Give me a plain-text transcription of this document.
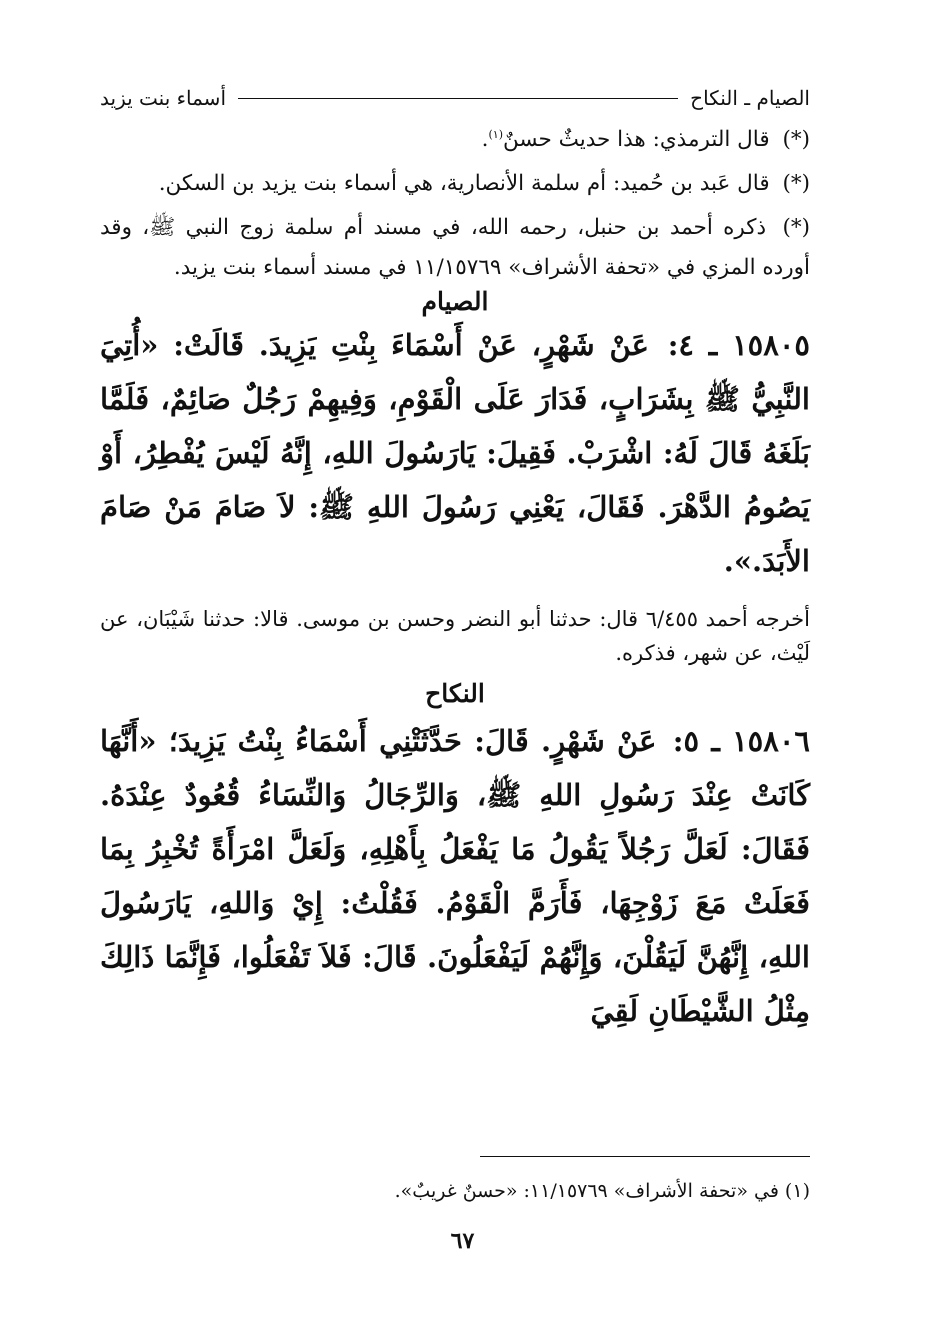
الصيام ـ النكاح
أسماء بنت يزيد

(*) قال الترمذي: هذا حديثٌ حسنٌ$^{(١)}$.

(*) قال عَبد بن حُميد: أم سلمة الأنصارية، هي أسماء بنت يزيد بن السكن.

(*) ذكره أحمد بن حنبل، رحمه الله، في مسند أم سلمة زوج النبي ﷺ، وقد أورده المزي في «تحفة الأشراف» ١١/١٥٧٦٩ في مسند أسماء بنت يزيد.

الصيام

١٥٨٠٥ ـ ٤: عَنْ شَهْرٍ، عَنْ أَسْمَاءَ بِنْتِ يَزِيدَ. قَالَتْ: «أُتِيَ النَّبِيُّ ﷺ بِشَرَابٍ، فَدَارَ عَلَى الْقَوْمِ، وَفِيهِمْ رَجُلٌ صَائِمٌ، فَلَمَّا بَلَغَهُ قَالَ لَهُ: اشْرَبْ. فَقِيلَ: يَارَسُولَ اللهِ، إِنَّهُ لَيْسَ يُفْطِرُ، أَوْ يَصُومُ الدَّهْرَ. فَقَالَ، يَعْنِي رَسُولَ اللهِ ﷺ: لاَ صَامَ مَنْ صَامَ الأَبَدَ.».

أخرجه أحمد ٦/٤٥٥ قال: حدثنا أبو النضر وحسن بن موسى. قالا: حدثنا شَيْبَان، عن لَيْث، عن شهر، فذكره.

النكاح

١٥٨٠٦ ـ ٥: عَنْ شَهْرٍ. قَالَ: حَدَّثَتْنِي أَسْمَاءُ بِنْتُ يَزِيدَ؛ «أَنَّهَا كَانَتْ عِنْدَ رَسُولِ اللهِ ﷺ، وَالرِّجَالُ وَالنِّسَاءُ قُعُودٌ عِنْدَهُ. فَقَالَ: لَعَلَّ رَجُلاً يَقُولُ مَا يَفْعَلُ بِأَهْلِهِ، وَلَعَلَّ امْرَأَةً تُخْبِرُ بِمَا فَعَلَتْ مَعَ زَوْجِهَا، فَأَرَمَّ الْقَوْمُ. فَقُلْتُ: إِيْ وَاللهِ، يَارَسُولَ اللهِ، إِنَّهُنَّ لَيَقُلْنَ، وَإِنَّهُمْ لَيَفْعَلُونَ. قَالَ: فَلاَ تَفْعَلُوا، فَإِنَّمَا ذَالِكَ مِثْلُ الشَّيْطَانِ لَقِيَ

(١) في «تحفة الأشراف» ١١/١٥٧٦٩: «حسنٌ غريبٌ».
٦٧
